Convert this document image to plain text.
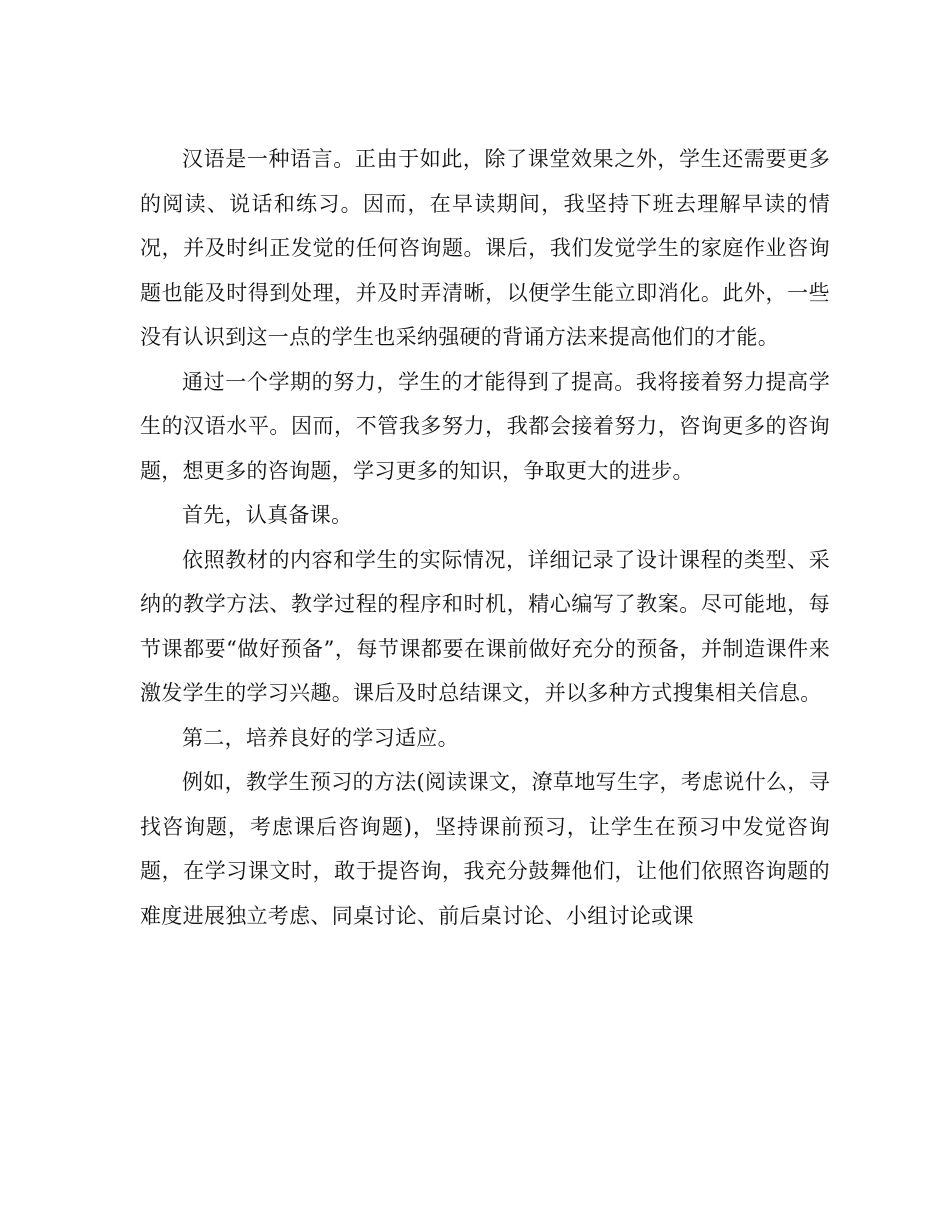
汉语是一种语言。正由于如此，除了课堂效果之外，学生还需要更多的阅读、说话和练习。因而，在早读期间，我坚持下班去理解早读的情况，并及时纠正发觉的任何咨询题。课后，我们发觉学生的家庭作业咨询题也能及时得到处理，并及时弄清晰，以便学生能立即消化。此外，一些没有认识到这一点的学生也采纳强硬的背诵方法来提高他们的才能。

通过一个学期的努力，学生的才能得到了提高。我将接着努力提高学生的汉语水平。因而，不管我多努力，我都会接着努力，咨询更多的咨询题，想更多的咨询题，学习更多的知识，争取更大的进步。

首先，认真备课。

依照教材的内容和学生的实际情况，详细记录了设计课程的类型、采纳的教学方法、教学过程的程序和时机，精心编写了教案。尽可能地，每节课都要“做好预备”，每节课都要在课前做好充分的预备，并制造课件来激发学生的学习兴趣。课后及时总结课文，并以多种方式搜集相关信息。

第二，培养良好的学习适应。

例如，教学生预习的方法(阅读课文，潦草地写生字，考虑说什么，寻找咨询题，考虑课后咨询题)，坚持课前预习，让学生在预习中发觉咨询题，在学习课文时，敢于提咨询，我充分鼓舞他们，让他们依照咨询题的难度进展独立考虑、同桌讨论、前后桌讨论、小组讨论或课
